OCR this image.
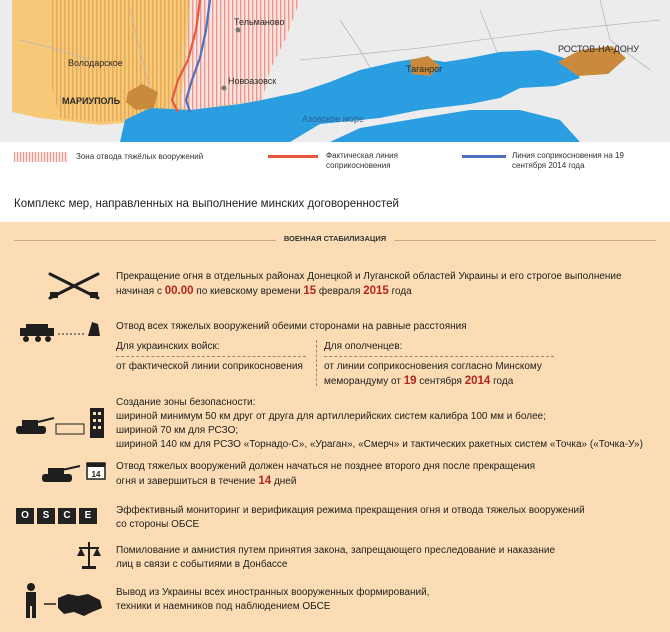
Володарское
МАРИУПОЛЬ
Тельманово
Новоазовск
Таганрог
РОСТОВ-НА-ДОНУ
Азовское море
Зона отвода тяжёлых вооружений	Фактическая линия соприкосновения
Линия соприкосновения на 19 сентября 2014 года
Комплекс мер, направленных на выполнение минских договоренностей
ВОЕННАЯ СТАБИЛИЗАЦИЯ
Прекращение огня в отдельных районах Донецкой и Луганской областей Украины и его строгое выполнение
начиная с 00.00 по киевскому времени 15 февраля 2015 года
Отвод всех тяжелых вооружений обеими сторонами на равные расстояния
Для украинских войск:
от фактической линии соприкосновения
Для ополченцев:
от линии соприкосновения согласно Минскому
меморандуму от 19 сентября 2014 года
Создание зоны безопасности:
шириной минимум 50 км друг от друга для артиллерийских систем калибра 100 мм и более;
шириной 70 км для РСЗО;
шириной 140 км для РСЗО «Торнадо-С», «Ураган», «Смерч» и тактических ракетных систем «Точка» («Точка-У»)
14
Отвод тяжелых вооружений должен начаться не позднее второго дня после прекращения
огня и завершиться в течение 14 дней
O	S	C	E	Эффективный мониторинг и верификация режима прекращения огня и отвода тяжелых вооружений
со стороны ОБСЕ
Помилование и амнистия путем принятия закона, запрещающего преследование и наказание
лиц в связи с событиями в Донбассе
Вывод из Украины всех иностранных вооруженных формирований,
техники и наемников под наблюдением ОБСЕ
